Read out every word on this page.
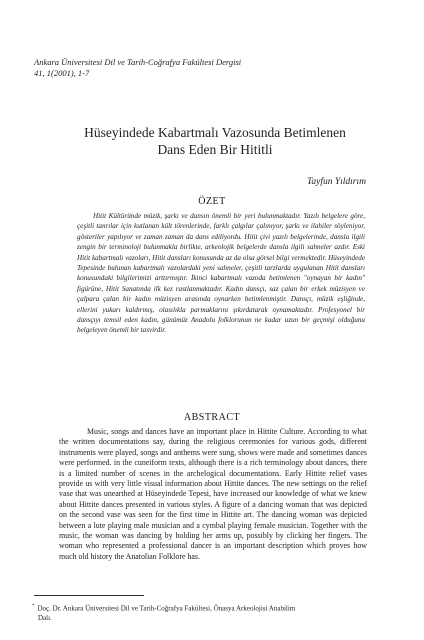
Ankara Üniversitesi Dil ve Tarih-Coğrafya Fakültesi Dergisi
41, 1(2001), 1-7
Hüseyindede Kabartmalı Vazosunda Betimlenen
Dans Eden Bir Hititli
Tayfun Yıldırım
ÖZET
Hitit Kültüründe müzik, şarkı ve dansın önemli bir yeri bulunmaktadır. Yazılı belgelere göre, çeşitli tanrılar için kutlanan kült törenlerinde, farklı çalgılar çalınıyor, şarkı ve ilahiler söyleniyor, gösteriler yapılıyor ve zaman zaman da dans ediliyordu. Hitit çivi yazılı belgelerinde, dansla ilgili zengin bir terminoloji bulunmakla birlikte, arkeolojik belgelerde dansla ilgili sahneler azdır. Eski Hitit kabartmalı vazoları, Hitit dansları konusunda az da olsa görsel bilgi vermektedir. Hüseyindede Tepesinde bulunan kabartmalı vazolardaki yeni sahneler, çeşitli tarzlarda uygulanan Hitit dansları konusundaki bilgilerimizi arttırmıştır. İkinci kabartmalı vazoda betimlenen "oynayan bir kadın" figürüne, Hitit Sanatında ilk kez rastlanmaktadır. Kadın dansçı, saz çalan bir erkek müzisyen ve çalpara çalan bir kadın müzisyen arasında oynarken betimlenmiştir. Dansçı, müzik eşliğinde, ellerini yukarı kaldırmış, olasılıkla parmaklarını şıkırdatarak oynamaktadır. Profesyonel bir dansçıyı temsil eden kadın, günümüz Anadolu folklorunun ne kadar uzun bir geçmişi olduğunu belgeleyen önemli bir tasvirdir.
ABSTRACT
Music, songs and dances have an important place in Hittite Culture. According to what the written documentations say, during the religious ceremonies for various gods, different instruments were played, songs and anthems were sung, shows were made and sometimes dances were performed. in the cuneiform texts, although there is a rich terminology about dances, there is a limited number of scenes in the archelogical documentations. Early Hittite relief vases provide us with very little visual information about Hittite dances. The new settings on the relief vase that was unearthed at Hüseyindede Tepesi, have increased our knowledge of what we knew about Hittite dances presented in various styles. A figure of a dancing woman that was depicted on the second vase was seen for the first time in Hittite art. The dancing woman was depicted between a lute playing male musician and a cymbal playing female musician. Together with the music, the woman was dancing by holding her arms up, possibly by clicking her fingers. The woman who represented a professional dancer is an important description which proves how much old history the Anatolian Folklore has.
* Doç. Dr. Ankara Üniversitesi Dil ve Tarih-Coğrafya Fakültesi, Önasya Arkeolojisi Anabilim
Dalı.
